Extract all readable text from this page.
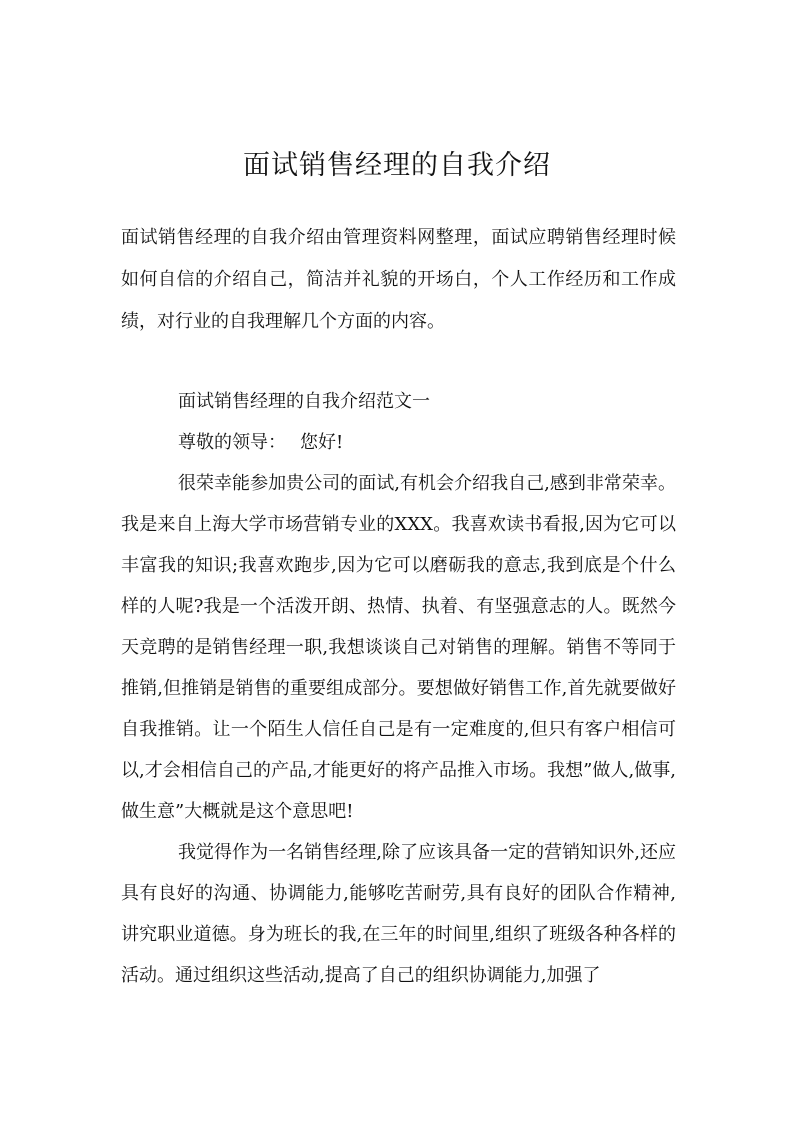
面试销售经理的自我介绍

面试销售经理的自我介绍由管理资料网整理，面试应聘销售经理时候如何自信的介绍自己，简洁并礼貌的开场白，个人工作经历和工作成绩，对行业的自我理解几个方面的内容。

面试销售经理的自我介绍范文一

尊敬的领导： 您好!

很荣幸能参加贵公司的面试,有机会介绍我自己,感到非常荣幸。我是来自上海大学市场营销专业的XXX。我喜欢读书看报,因为它可以丰富我的知识;我喜欢跑步,因为它可以磨砺我的意志,我到底是个什么样的人呢?我是一个活泼开朗、热情、执着、有坚强意志的人。既然今天竞聘的是销售经理一职,我想谈谈自己对销售的理解。销售不等同于推销,但推销是销售的重要组成部分。要想做好销售工作,首先就要做好自我推销。让一个陌生人信任自己是有一定难度的,但只有客户相信可以,才会相信自己的产品,才能更好的将产品推入市场。我想”做人,做事,做生意”大概就是这个意思吧!

我觉得作为一名销售经理,除了应该具备一定的营销知识外,还应具有良好的沟通、协调能力,能够吃苦耐劳,具有良好的团队合作精神,讲究职业道德。身为班长的我,在三年的时间里,组织了班级各种各样的活动。通过组织这些活动,提高了自己的组织协调能力,加强了
